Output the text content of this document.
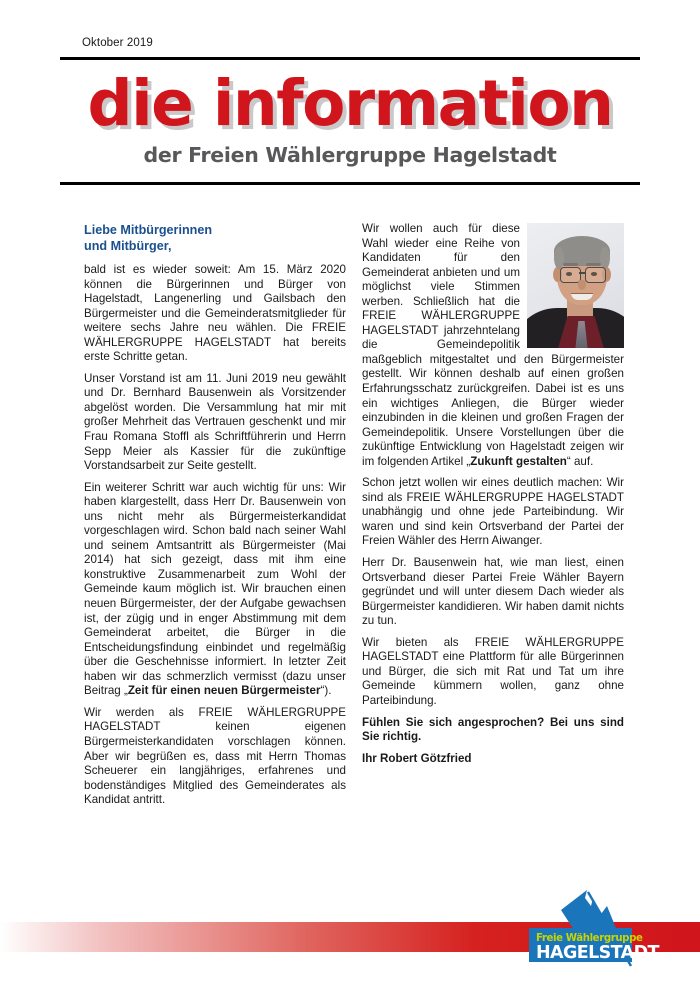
Oktober 2019
die information
der Freien Wählergruppe Hagelstadt
Liebe Mitbürgerinnen
und Mitbürger,

bald ist es wieder soweit: Am 15. März 2020 können die Bürgerinnen und Bürger von Hagelstadt, Langenerling und Gailsbach den Bürgermeister und die Gemeinderatsmitglieder für weitere sechs Jahre neu wählen. Die FREIE WÄHLERGRUPPE HAGELSTADT hat bereits erste Schritte getan.

Unser Vorstand ist am 11. Juni 2019 neu gewählt und Dr. Bernhard Bausenwein als Vorsitzender abgelöst worden. Die Versammlung hat mir mit großer Mehrheit das Vertrauen geschenkt und mir Frau Romana Stoffl als Schriftführerin und Herrn Sepp Meier als Kassier für die zukünftige Vorstandsarbeit zur Seite gestellt.

Ein weiterer Schritt war auch wichtig für uns: Wir haben klargestellt, dass Herr Dr. Bausenwein von uns nicht mehr als Bürgermeisterkandidat vorgeschlagen wird. Schon bald nach seiner Wahl und seinem Amtsantritt als Bürgermeister (Mai 2014) hat sich gezeigt, dass mit ihm eine konstruktive Zusammenarbeit zum Wohl der Gemeinde kaum möglich ist. Wir brauchen einen neuen Bürgermeister, der der Aufgabe gewachsen ist, der zügig und in enger Abstimmung mit dem Gemeinderat arbeitet, die Bürger in die Entscheidungsfindung einbindet und regelmäßig über die Geschehnisse informiert. In letzter Zeit haben wir das schmerzlich vermisst (dazu unser Beitrag „Zeit für einen neuen Bürgermeister“).

Wir werden als FREIE WÄHLERGRUPPE HAGELSTADT keinen eigenen Bürgermeisterkandidaten vorschlagen können. Aber wir begrüßen es, dass mit Herrn Thomas Scheuerer ein langjähriges, erfahrenes und bodenständiges Mitglied des Gemeinderates als Kandidat antritt.

Wir wollen auch für diese Wahl wieder eine Reihe von Kandidaten für den Gemeinderat anbieten und um möglichst viele Stimmen werben. Schließlich hat die FREIE WÄHLERGRUPPE HAGELSTADT jahrzehntelang die Gemeindepolitik maßgeblich mitgestaltet und den Bürgermeister gestellt. Wir können deshalb auf einen großen Erfahrungsschatz zurückgreifen. Dabei ist es uns ein wichtiges Anliegen, die Bürger wieder einzubinden in die kleinen und großen Fragen der Gemeindepolitik. Unsere Vorstellungen über die zukünftige Entwicklung von Hagelstadt zeigen wir im folgenden Artikel „Zukunft gestalten“ auf.

Schon jetzt wollen wir eines deutlich machen: Wir sind als FREIE WÄHLERGRUPPE HAGELSTADT unabhängig und ohne jede Parteibindung. Wir waren und sind kein Ortsverband der Partei der Freien Wähler des Herrn Aiwanger.

Herr Dr. Bausenwein hat, wie man liest, einen Ortsverband dieser Partei Freie Wähler Bayern gegründet und will unter diesem Dach wieder als Bürgermeister kandidieren. Wir haben damit nichts zu tun.

Wir bieten als FREIE WÄHLERGRUPPE HAGELSTADT eine Plattform für alle Bürgerinnen und Bürger, die sich mit Rat und Tat um ihre Gemeinde kümmern wollen, ganz ohne Parteibindung.

Fühlen Sie sich angesprochen? Bei uns sind Sie richtig.

Ihr Robert Götzfried

Freie Wählergruppe
HAGELSTADT
